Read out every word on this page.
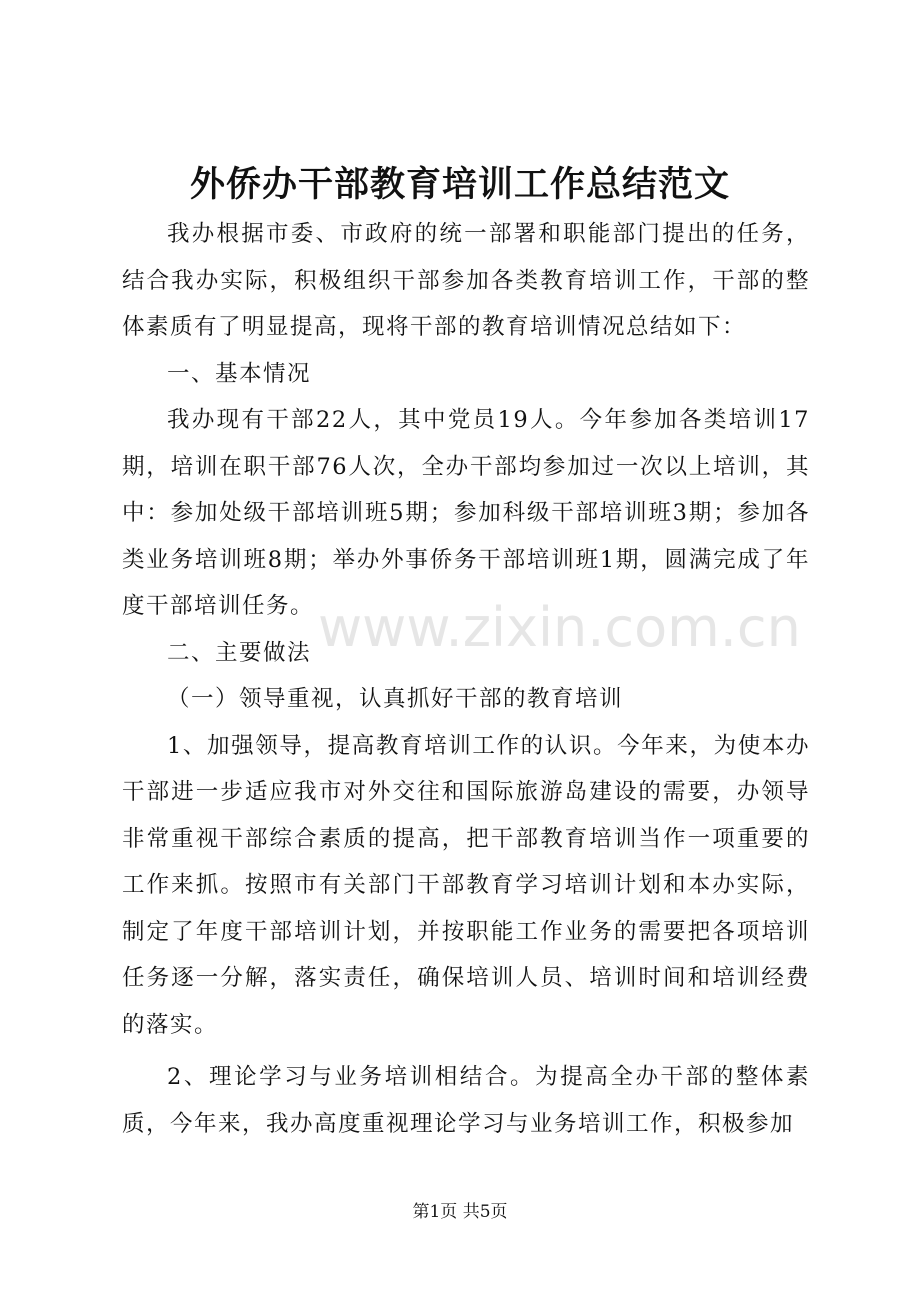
外侨办干部教育培训工作总结范文

我办根据市委、市政府的统一部署和职能部门提出的任务，结合我办实际，积极组织干部参加各类教育培训工作，干部的整体素质有了明显提高，现将干部的教育培训情况总结如下：

一、基本情况

我办现有干部22人，其中党员19人。今年参加各类培训17期，培训在职干部76人次，全办干部均参加过一次以上培训，其中：参加处级干部培训班5期；参加科级干部培训班3期；参加各类业务培训班8期；举办外事侨务干部培训班1期，圆满完成了年度干部培训任务。

二、主要做法

（一）领导重视，认真抓好干部的教育培训

1、加强领导，提高教育培训工作的认识。今年来，为使本办干部进一步适应我市对外交往和国际旅游岛建设的需要，办领导非常重视干部综合素质的提高，把干部教育培训当作一项重要的工作来抓。按照市有关部门干部教育学习培训计划和本办实际，制定了年度干部培训计划，并按职能工作业务的需要把各项培训任务逐一分解，落实责任，确保培训人员、培训时间和培训经费的落实。

2、理论学习与业务培训相结合。为提高全办干部的整体素质，今年来，我办高度重视理论学习与业务培训工作，积极参加

www.zixin.com.cn
第1页 共5页
